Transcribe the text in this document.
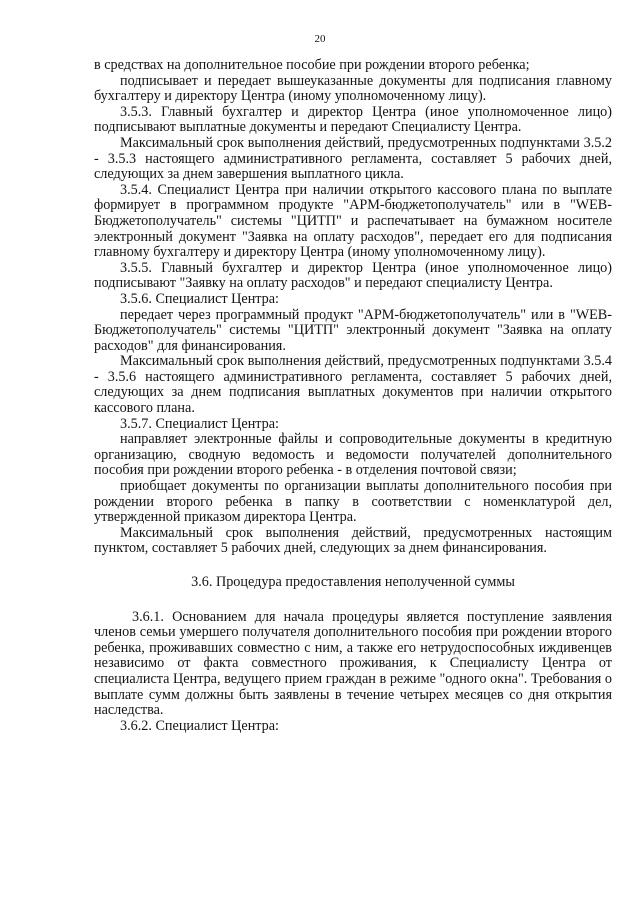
20

в средствах на дополнительное пособие при рождении второго ребенка;

подписывает и передает вышеуказанные документы для подписания главному бухгалтеру и директору Центра (иному уполномоченному лицу).

3.5.3. Главный бухгалтер и директор Центра (иное уполномоченное лицо) подписывают выплатные документы и передают Специалисту Центра.

Максимальный срок выполнения действий, предусмотренных подпунктами 3.5.2 - 3.5.3 настоящего административного регламента, составляет 5 рабочих дней, следующих за днем завершения выплатного цикла.

3.5.4. Специалист Центра при наличии открытого кассового плана по выплате формирует в программном продукте "АРМ-бюджетополучатель" или в "WEB-Бюджетополучатель" системы "ЦИТП" и распечатывает на бумажном носителе электронный документ "Заявка на оплату расходов", передает его для подписания главному бухгалтеру и директору Центра (иному уполномоченному лицу).

3.5.5. Главный бухгалтер и директор Центра (иное уполномоченное лицо) подписывают "Заявку на оплату расходов" и передают специалисту Центра.

3.5.6. Специалист Центра:

передает через программный продукт "АРМ-бюджетополучатель" или в "WEB-Бюджетополучатель" системы "ЦИТП" электронный документ "Заявка на оплату расходов" для финансирования.

Максимальный срок выполнения действий, предусмотренных подпунктами 3.5.4 - 3.5.6 настоящего административного регламента, составляет 5 рабочих дней, следующих за днем подписания выплатных документов при наличии открытого кассового плана.

3.5.7. Специалист Центра:

направляет электронные файлы и сопроводительные документы в кредитную организацию, сводную ведомость и ведомости получателей дополнительного пособия при рождении второго ребенка - в отделения почтовой связи;

приобщает документы по организации выплаты дополнительного пособия при рождении второго ребенка в папку в соответствии с номенклатурой дел, утвержденной приказом директора Центра.

Максимальный срок выполнения действий, предусмотренных настоящим пунктом, составляет 5 рабочих дней, следующих за днем финансирования.

3.6. Процедура предоставления неполученной суммы

3.6.1. Основанием для начала процедуры является поступление заявления членов семьи умершего получателя дополнительного пособия при рождении второго ребенка, проживавших совместно с ним, а также его нетрудоспособных иждивенцев независимо от факта совместного проживания, к Специалисту Центра от специалиста Центра, ведущего прием граждан в режиме "одного окна". Требования о выплате сумм должны быть заявлены в течение четырех месяцев со дня открытия наследства.

3.6.2. Специалист Центра:
